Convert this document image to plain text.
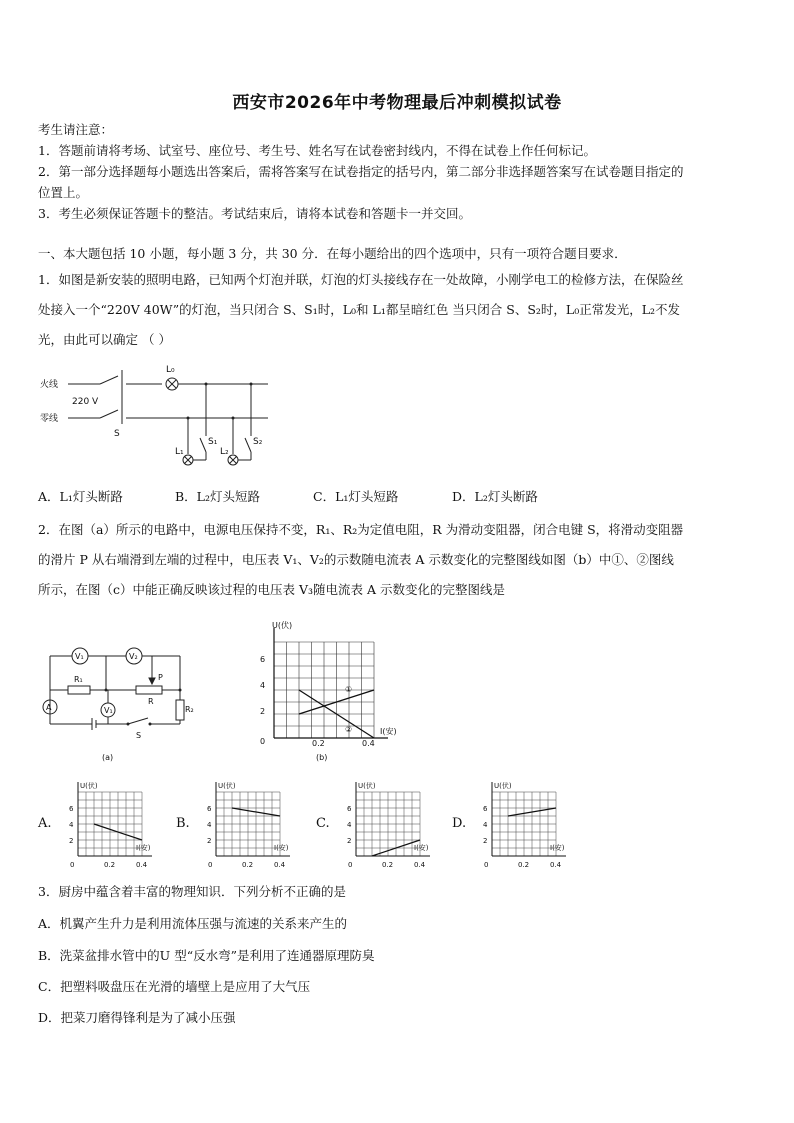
西安市2026年中考物理最后冲刺模拟试卷
考生请注意：
1．答题前请将考场、试室号、座位号、考生号、姓名写在试卷密封线内，不得在试卷上作任何标记。
2．第一部分选择题每小题选出答案后，需将答案写在试卷指定的括号内，第二部分非选择题答案写在试卷题目指定的
位置上。
3．考生必须保证答题卡的整洁。考试结束后，请将本试卷和答题卡一并交回。
一、本大题包括 10 小题，每小题 3 分，共 30 分．在每小题给出的四个选项中，只有一项符合题目要求．
1．如图是新安装的照明电路，已知两个灯泡并联，灯泡的灯头接线存在一处故障，小刚学电工的检修方法，在保险丝
处接入一个“220V 40W”的灯泡，当只闭合 S、S₁时，L₀和 L₁都呈暗红色 当只闭合 S、S₂时，L₀正常发光，L₂不发
光，由此可以确定 （ ）
火线
零线
220 V
S
L₀
L₁
S₁
L₂
S₂
A．L₁灯头断路	B．L₂灯头短路	C．L₁灯头短路	D．L₂灯头断路
2．在图（a）所示的电路中，电源电压保持不变，R₁、R₂为定值电阻，R 为滑动变阻器，闭合电键 S，将滑动变阻器
的滑片 P 从右端滑到左端的过程中，电压表 V₁、V₂的示数随电流表 A 示数变化的完整图线如图（b）中①、②图线
所示，在图（c）中能正确反映该过程的电压表 V₃随电流表 A 示数变化的完整图线是
V₁	V₂
R₁	P
R
R₂
A	V₁
S
(a)
U(伏)
I(安)
6
4
2
0	0.2	0.4
①
②
(b)
A.	B.	C.	D.
U(伏)
I(安)
6
4
2
0	0.2	0.4
U(伏)
I(安)
6
4
2
0	0.2	0.4
U(伏)
I(安)
6
4
2
0	0.2	0.4
U(伏)
I(安)
6
4
2
0	0.2	0.4
3．厨房中蕴含着丰富的物理知识．下列分析不正确的是
A．机翼产生升力是利用流体压强与流速的关系来产生的
B．洗菜盆排水管中的U 型“反水弯”是利用了连通器原理防臭
C．把塑料吸盘压在光滑的墙壁上是应用了大气压
D．把菜刀磨得锋利是为了减小压强
